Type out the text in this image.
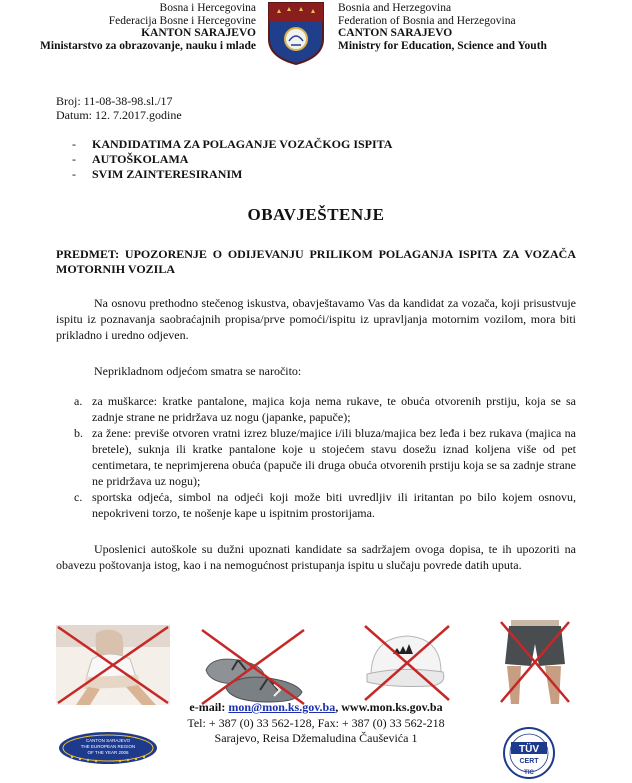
Bosna i Hercegovina
Federacija Bosne i Hercegovine
KANTON SARAJEVO
Ministarstvo za obrazovanje, nauku i mlade
Bosnia and Herzegovina
Federation of Bosnia and Herzegovina
CANTON SARAJEVO
Ministry for Education, Science and Youth
Broj: 11-08-38-98.sl./17
Datum: 12. 7.2017.godine
- KANDIDATIMA ZA POLAGANJE VOZAČKOG ISPITA
- AUTOŠKOLAMA
- SVIM ZAINTERESIRANIM
OBAVJEŠTENJE
PREDMET: UPOZORENJE O ODIJEVANJU PRILIKOM POLAGANJA ISPITA ZA VOZAČA MOTORNIH VOZILA
Na osnovu prethodno stečenog iskustva, obavještavamo Vas da kandidat za vozača, koji prisustvuje ispitu iz poznavanja saobraćajnih propisa/prve pomoći/ispitu iz upravljanja motornim vozilom, mora biti prikladno i uredno odjeven.
Neprikladnom odjećom smatra se naročito:
a. za muškarce: kratke pantalone, majica koja nema rukave, te obuća otvorenih prstiju, koja se sa zadnje strane ne pridržava uz nogu (japanke, papuče);
b. za žene: previše otvoren vratni izrez bluze/majice i/ili bluza/majica bez leđa i bez rukava (majica na bretele), suknja ili kratke pantalone koje u stojećem stavu dosežu iznad koljena više od pet centimetara, te neprimjerena obuća (papuče ili druga obuća otvorenih prstiju koja se sa zadnje strane ne pridržava uz nogu);
c. sportska odjeća, simbol na odjeći koji može biti uvredljiv ili iritantan po bilo kojem osnovu, nepokriveni torzo, te nošenje kape u ispitnim prostorijama.
Uposlenici autoškole su dužni upoznati kandidate sa sadržajem ovoga dopisa, te ih upozoriti na obavezu poštovanja istog, kao i na nemogućnost pristupanja ispitu u slučaju povrede datih uputa.
e-mail: mon@mon.ks.gov.ba, www.mon.ks.gov.ba
Tel: + 387 (0) 33 562-128, Fax: + 387 (0) 33 562-218
Sarajevo, Reisa Džemaludina Čauševića 1
CANTON SARAJEVO
THE EUROPEAN REGION
OF THE YEAR 2006	TÜV
CERT
TIC
